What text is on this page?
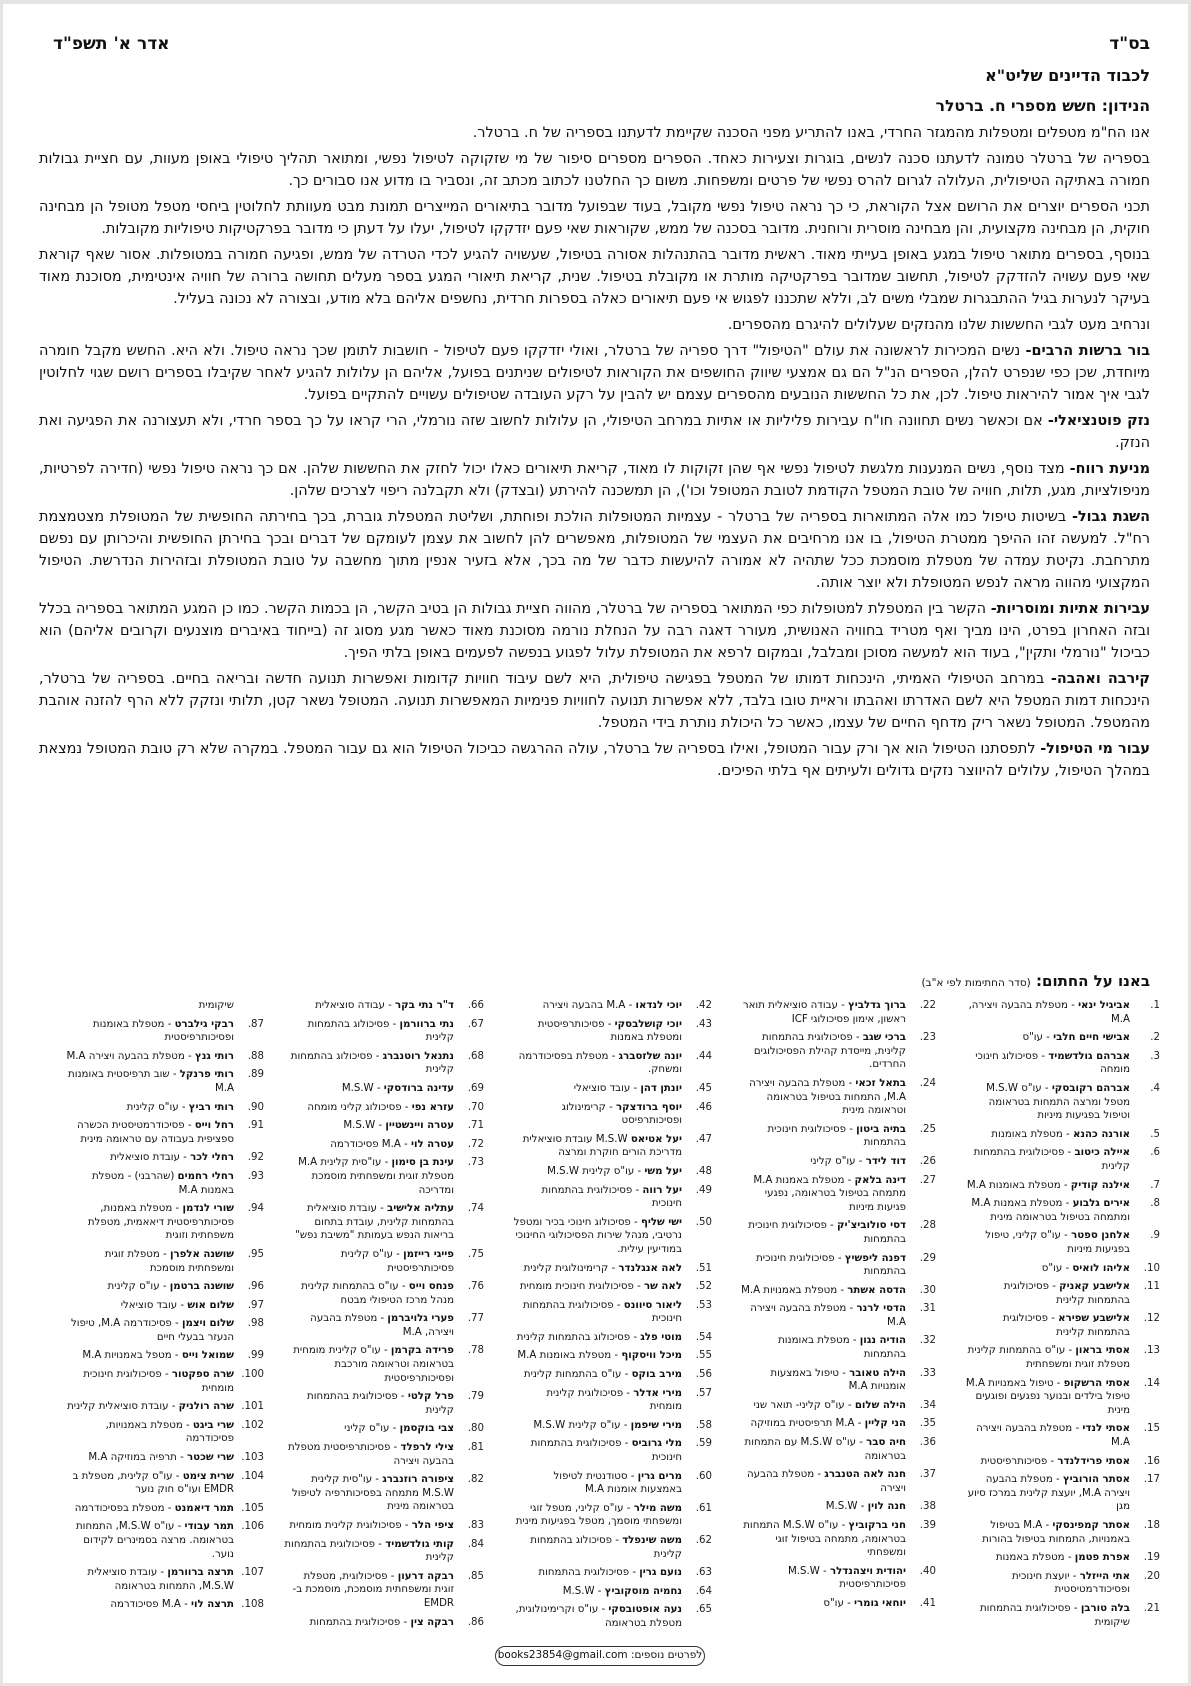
בס"ד
אדר א' תשפ"ד
לכבוד הדיינים שליט"א
הנידון: חשש מספרי ח. ברטלר

אנו הח"מ מטפלים ומטפלות מהמגזר החרדי, באנו להתריע מפני הסכנה שקיימת לדעתנו בספריה של ח. ברטלר.

בספריה של ברטלר טמונה לדעתנו סכנה לנשים, בוגרות וצעירות כאחד. הספרים מספרים סיפור של מי שזקוקה לטיפול נפשי, ומתואר תהליך טיפולי באופן מעוות, עם חציית גבולות חמורה באתיקה הטיפולית, העלולה לגרום להרס נפשי של פרטים ומשפחות. משום כך החלטנו לכתוב מכתב זה, ונסביר בו מדוע אנו סבורים כך.

תכני הספרים יוצרים את הרושם אצל הקוראת, כי כך נראה טיפול נפשי מקובל, בעוד שבפועל מדובר בתיאורים המייצרים תמונת מבט מעוותת לחלוטין ביחסי מטפל מטופל הן מבחינה חוקית, הן מבחינה מקצועית, והן מבחינה מוסרית ורוחנית. מדובר בסכנה של ממש, שקוראות שאי פעם יזדקקו לטיפול, יעלו על דעתן כי מדובר בפרקטיקות טיפוליות מקובלות.

בנוסף, בספרים מתואר טיפול במגע באופן בעייתי מאוד. ראשית מדובר בהתנהלות אסורה בטיפול, שעשויה להגיע לכדי הטרדה של ממש, ופגיעה חמורה במטופלות. אסור שאף קוראת שאי פעם עשויה להזדקק לטיפול, תחשוב שמדובר בפרקטיקה מותרת או מקובלת בטיפול. שנית, קריאת תיאורי המגע בספר מעלים תחושה ברורה של חוויה אינטימית, מסוכנת מאוד בעיקר לנערות בגיל ההתבגרות שמבלי משים לב, וללא שתכננו לפגוש אי פעם תיאורים כאלה בספרות חרדית, נחשפים אליהם בלא מודע, ובצורה לא נכונה בעליל.

ונרחיב מעט לגבי החששות שלנו מהנזקים שעלולים להיגרם מהספרים.

בור ברשות הרבים- נשים המכירות לראשונה את עולם "הטיפול" דרך ספריה של ברטלר, ואולי יזדקקו פעם לטיפול - חושבות לתומן שכך נראה טיפול. ולא היא. החשש מקבל חומרה מיוחדת, שכן כפי שנפרט להלן, הספרים הנ"ל הם גם אמצעי שיווק החושפים את הקוראות לטיפולים שניתנים בפועל, אליהם הן עלולות להגיע לאחר שקיבלו בספרים רושם שגוי לחלוטין לגבי איך אמור להיראות טיפול. לכן, את כל החששות הנובעים מהספרים עצמם יש להבין על רקע העובדה שטיפולים עשויים להתקיים בפועל.

נזק פוטנציאלי- אם וכאשר נשים תחוונה חו"ח עבירות פליליות או אתיות במרחב הטיפולי, הן עלולות לחשוב שזה נורמלי, הרי קראו על כך בספר חרדי, ולא תעצורנה את הפגיעה ואת הנזק.

מניעת רווח- מצד נוסף, נשים המנענות מלגשת לטיפול נפשי אף שהן זקוקות לו מאוד, קריאת תיאורים כאלו יכול לחזק את החששות שלהן. אם כך נראה טיפול נפשי (חדירה לפרטיות, מניפולציות, מגע, תלות, חוויה של טובת המטפל הקודמת לטובת המטופל וכו'), הן תמשכנה להירתע (ובצדק) ולא תקבלנה ריפוי לצרכים שלהן.

השגת גבול- בשיטות טיפול כמו אלה המתוארות בספריה של ברטלר - עצמיות המטופלות הולכת ופוחתת, ושליטת המטפלת גוברת, בכך בחירתה החופשית של המטופלת מצטמצמת רח"ל. למעשה זהו ההיפך ממטרת הטיפול, בו אנו מרחיבים את העצמי של המטופלות, מאפשרים להן לחשוב את עצמן לעומקם של דברים ובכך בחירתן החופשית והיכרותן עם נפשם מתרחבת. נקיטת עמדה של מטפלת מוסמכת ככל שתהיה לא אמורה להיעשות כדבר של מה בכך, אלא בזעיר אנפין מתוך מחשבה על טובת המטופלת ובזהירות הנדרשת. הטיפול המקצועי מהווה מראה לנפש המטופלת ולא יוצר אותה.

עבירות אתיות ומוסריות- הקשר בין המטפלת למטופלות כפי המתואר בספריה של ברטלר, מהווה חציית גבולות הן בטיב הקשר, הן בכמות הקשר. כמו כן המגע המתואר בספריה בכלל ובזה האחרון בפרט, הינו מביך ואף מטריד בחוויה האנושית, מעורר דאגה רבה על הנחלת נורמה מסוכנת מאוד כאשר מגע מסוג זה (בייחוד באיברים מוצנעים וקרובים אליהם) הוא כביכול "נורמלי ותקין", בעוד הוא למעשה מסוכן ומבלבל, ובמקום לרפא את המטופלת עלול לפגוע בנפשה לפעמים באופן בלתי הפיך.

קירבה ואהבה- במרחב הטיפולי האמיתי, הינכחות דמותו של המטפל בפגישה טיפולית, היא לשם עיבוד חוויות קדומות ואפשרות תנועה חדשה ובריאה בחיים. בספריה של ברטלר, הינכחות דמות המטפל היא לשם האדרתו ואהבתו וראיית טובו בלבד, ללא אפשרות תנועה לחוויות פנימיות המאפשרות תנועה. המטופל נשאר קטן, תלותי ונזקק ללא הרף להזנה אוהבת מהמטפל. המטופל נשאר ריק מדחף החיים של עצמו, כאשר כל היכולת נותרת בידי המטפל.

עבור מי הטיפול- לתפסתנו הטיפול הוא אך ורק עבור המטופל, ואילו בספריה של ברטלר, עולה ההרגשה כביכול הטיפול הוא גם עבור המטפל. במקרה שלא רק טובת המטופל נמצאת במהלך הטיפול, עלולים להיווצר נזקים גדולים ולעיתים אף בלתי הפיכים.

באנו על החתום: (סדר החתימות לפי א"ב)
1.
אביגיל ינאי - מטפלת בהבעה ויצירה, M.A
2.
אבישי חיים חלבי - עו"ס
3.
אברהם גולדשמיד - פסיכולוג חינוכי מומחה
4.
אברהם רקובסקי - עו"ס M.S.W מטפל ומרצה התמחות בטראומה וטיפול בפגיעות מיניות
5.
אורנה כהנא - מטפלת באומנות
6.
איילה כיטוב - פסיכולוגית בהתמחות קלינית
7.
אילנה קודיק - מטפלת באומנות M.A
8.
אירים גלבוע - מטפלת באמנות M.A ומתמחה בטיפול בטראומה מינית
9.
אלחנן ספטר - עו"ס קליני, טיפול בפגיעות מיניות
10.
אליהו לואיס - עו"ס
11.
אלישבע קאניק - פסיכולוגית בהתמחות קלינית
12.
אלישבע שפירא - פסיכולוגית בהתמחות קלינית
13.
אסתי בראון - עו"ס בהתמחות קלינית מטפלת זוגית ומשפחתית
14.
אסתי הרשקופ - טיפול באמנויות M.A טיפול בילדים ובנוער נפגעים ופוגעים מינית
15.
אסתי לנדי - מטפלת בהבעה ויצירה M.A
16.
אסתי פרידלנדר - פסיכותרפיסטית
17.
אסתר הורוביץ - מטפלת בהבעה ויצירה M.A, יועצת קלינית במרכז סיוע מגן
18.
אסתר קמפינסקי - M.A בטיפול באמנויות, התמחות בטיפול בהורות
19.
אפרת פטמן - מטפלת באמנות
20.
אתי הייזלר - יועצת חינוכית ופסיכודרמטיסטית
21.
בלה טורבן - פסיכולוגית בהתמחות שיקומית
22.
ברוך גדלביץ - עבודה סוציאלית תואר ראשון, אימון פסיכולוגי ICF
23.
ברכי שגב - פסיכולוגית בהתמחות קלינית, מייסדת קהילת הפסיכולוגים החרדים.
24.
בתאל זכאי - מטפלת בהבעה ויצירה M.A, התמחות בטיפול בטראומה וטראומה מינית
25.
בתיה ביטון - פסיכולוגית חינוכית בהתמחות
26.
דוד לידר - עו"ס קליני
27.
דינה בלאק - מטפלת באמנות M.A מתמחה בטיפול בטראומה, נפגעי פגיעות מיניות
28.
דסי סולוביצ'יק - פסיכולוגית חינוכית בהתמחות
29.
דפנה ליפשיץ - פסיכולוגית חינוכית בהתמחות
30.
הדסה אשתר - מטפלת באמנויות M.A
31.
הדסי לרנר - מטפלת בהבעה ויצירה M.A
32.
הודיה נגון - מטפלת באומנות בהתמחות
33.
הילה טאובר - טיפול באמצעות אומנויות M.A
34.
הילה שלום - עו"ס קליני- תואר שני
35.
הני קליין - M.A תרפיסטית במוזיקה
36.
חיה סבר - עו"ס M.S.W עם התמחות בטראומה
37.
חנה לאה הטנברג - מטפלת בהבעה ויצירה
38.
חנה לוין - M.S.W
39.
חני ברקוביץ - עו"ס M.S.W התמחות בטראומה, מתמחה בטיפול זוגי ומשפחתי
40.
יהודית ויצהנדלר - M.S.W פסיכותרפיסטית
41.
יוחאי גומרי - עו"ס
42.
יוכי לנדאו - M.A בהבעה ויצירה
43.
יוכי קושלבסקי - פסיכותרפיסטית ומטפלת באמנות
44.
יונה שלזסברג - מטפלת בפסיכודרמה ומשחק.
45.
יונתן דהן - עובד סוציאלי
46.
יוסף ברודצקר - קרימינולוג ופסיכותרפיסט
47.
יעל אטיאס M.S.W עובדת סוציאלית מדריכת הורים חוקרת ומרצה
48.
יעל משי - עו"ס קלינית M.S.W
49.
יעל רווה - פסיכולוגית בהתמחות חינוכית
50.
ישי שליף - פסיכולוג חינוכי בכיר ומטפל נרטיבי, מנהל שירות הפסיכולוגי החינוכי במודיעין עילית.
51.
לאה אנגלנדר - קרימינולוגית קלינית
52.
לאה שר - פסיכולוגית חינוכית מומחית
53.
ליאור סיוונס - פסיכולוגית בהתמחות חינוכית
54.
מוטי פלג - פסיכולוג בהתמחות קלינית
55.
מיכל וויסקוף - מטפלת באומנות M.A
56.
מירב בוקס - עו"ס בהתמחות קלינית
57.
מירי אדלר - פסיכולוגית קלינית מומחית
58.
מירי שיפמן - עו"ס קלינית M.S.W
59.
מלי גרוביס - פסיכולוגית בהתמחות חינוכית
60.
מרים גרין - סטודנטית לטיפול באמצעות אומנות M.A
61.
משה מילר - עו"ס קליני, מטפל זוגי ומשפחתי מוסמך, מטפל בפגיעות מינית
62.
משה שינפלד - פסיכולוג בהתמחות קלינית
63.
נועם גרין - פסיכולוגית בהתמחות
64.
נחמיה מוסקוביץ - M.S.W
65.
נעה אופטובסקי - עו"ס וקרימינולוגית, מטפלת בטראומה
66.
ד"ר נתי בקר - עבודה סוציאלית
67.
נתי ברוורמן - פסיכולוג בהתמחות קלינית
68.
נתנאל רוטנברג - פסיכולוג בהתמחות קלינית
69.
עדינה ברודסקי - M.S.W
70.
עזרא נפי - פסיכולוג קליני מומחה
71.
עטרה ויינשטיין - M.S.W
72.
עטרה לוי - M.A פסיכודרמה
73.
עינת בן סימון - עו"סית קלינית M.A מטפלת זוגית ומשפחתית מוסמכת ומדריכה
74.
עתליה אלישיב - עובדת סוציאלית בהתמחות קלינית, עובדת בתחום בריאות הנפש בעמותת "משיבת נפש"
75.
פייגי רייזמן - עו"ס קלינית פסיכותרפיסטית
76.
פנחס וייס - עו"ס בהתמחות קלינית מנהל מרכז הטיפולי מבטח
77.
פערי גלויברמן - מטפלת בהבעה ויצירה, M.A
78.
פרידה בקרמן - עו"ס קלינית מומחית בטראומה וטראומה מורכבת ופסיכותרפיסטית
79.
פרל קלטי - פסיכולוגית בהתמחות קלינית
80.
צבי בוקסמן - עו"ס קליני
81.
צילי לרפלד - פסיכותרפיסטית מטפלת בהבעה ויצירה
82.
ציפורה רוזנברג - עו"סית קלינית M.S.W מתמחה בפסיכותרפיה לטיפול בטראומה מינית
83.
ציפי הלר - פסיכולוגית קלינית מומחית
84.
קותי גולדשמיד - פסיכולוגית בהתמחות קלינית
85.
רבקה דרעון - פסיכולוגית, מטפלת זוגית ומשפחתית מוסמכת, מוסמכת ב-EMDR
86.
רבקה צין - פסיכולוגית בהתמחות
שיקומית
87.
רבקי גילברט - מטפלת באומנות ופסיכותרפיסטית
88.
רותי גנץ - מטפלת בהבעה ויצירה M.A
89.
רותי פרנקל - שוב תרפיסטית באומנות M.A
90.
רותי רביץ - עו"ס קלינית
91.
רחל וייס - פסיכודרמטיסטית הכשרה ספציפית בעבודה עם טראומה מינית
92.
רחלי לכר - עובדת סוציאלית
93.
רחלי רחמים (שהרבני) - מטפלת באמנות M.A
94.
שורי לנדמן - מטפלת באמנות, פסיכותרפיסטית דיאאמית, מטפלת משפחתית וזוגית
95.
שושנה אלפרן - מטפלת זוגית ומשפחתית מוסמכת
96.
שושנה ברטמן - עו"ס קלינית
97.
שלום אוש - עובד סוציאלי
98.
שלום ויצמן - פסיכודרמה M.A, טיפול הנעזר בבעלי חיים
99.
שמואל וייס - מטפל באמנויות M.A
100.
שרה ספקטור - פסיכולוגית חינוכית מומחית
101.
שרה רולניק - עובדת סוציאלית קלינית
102.
שרי ביגט - מטפלת באמנויות, פסיכודרמה
103.
שרי שכטר - תרפיה במוזיקה M.A
104.
שרית צימט - עו"ס קלינית, מטפלת ב EMDR ועו"ס חוק נוער
105.
תמר דיאמנט - מטפלת בפסיכודרמה
106.
תמר עבודי - עו"ס M.S.W, התמחות בטראומה. מרצה בסמינרים לקידום נוער.
107.
תרצה ברוורמן - עובדת סוציאלית M.S.W, התמחות בטראומה
108.
תרצה לוי - M.A פסיכודרמה
לפרטים נוספים: books23854@gmail.com
